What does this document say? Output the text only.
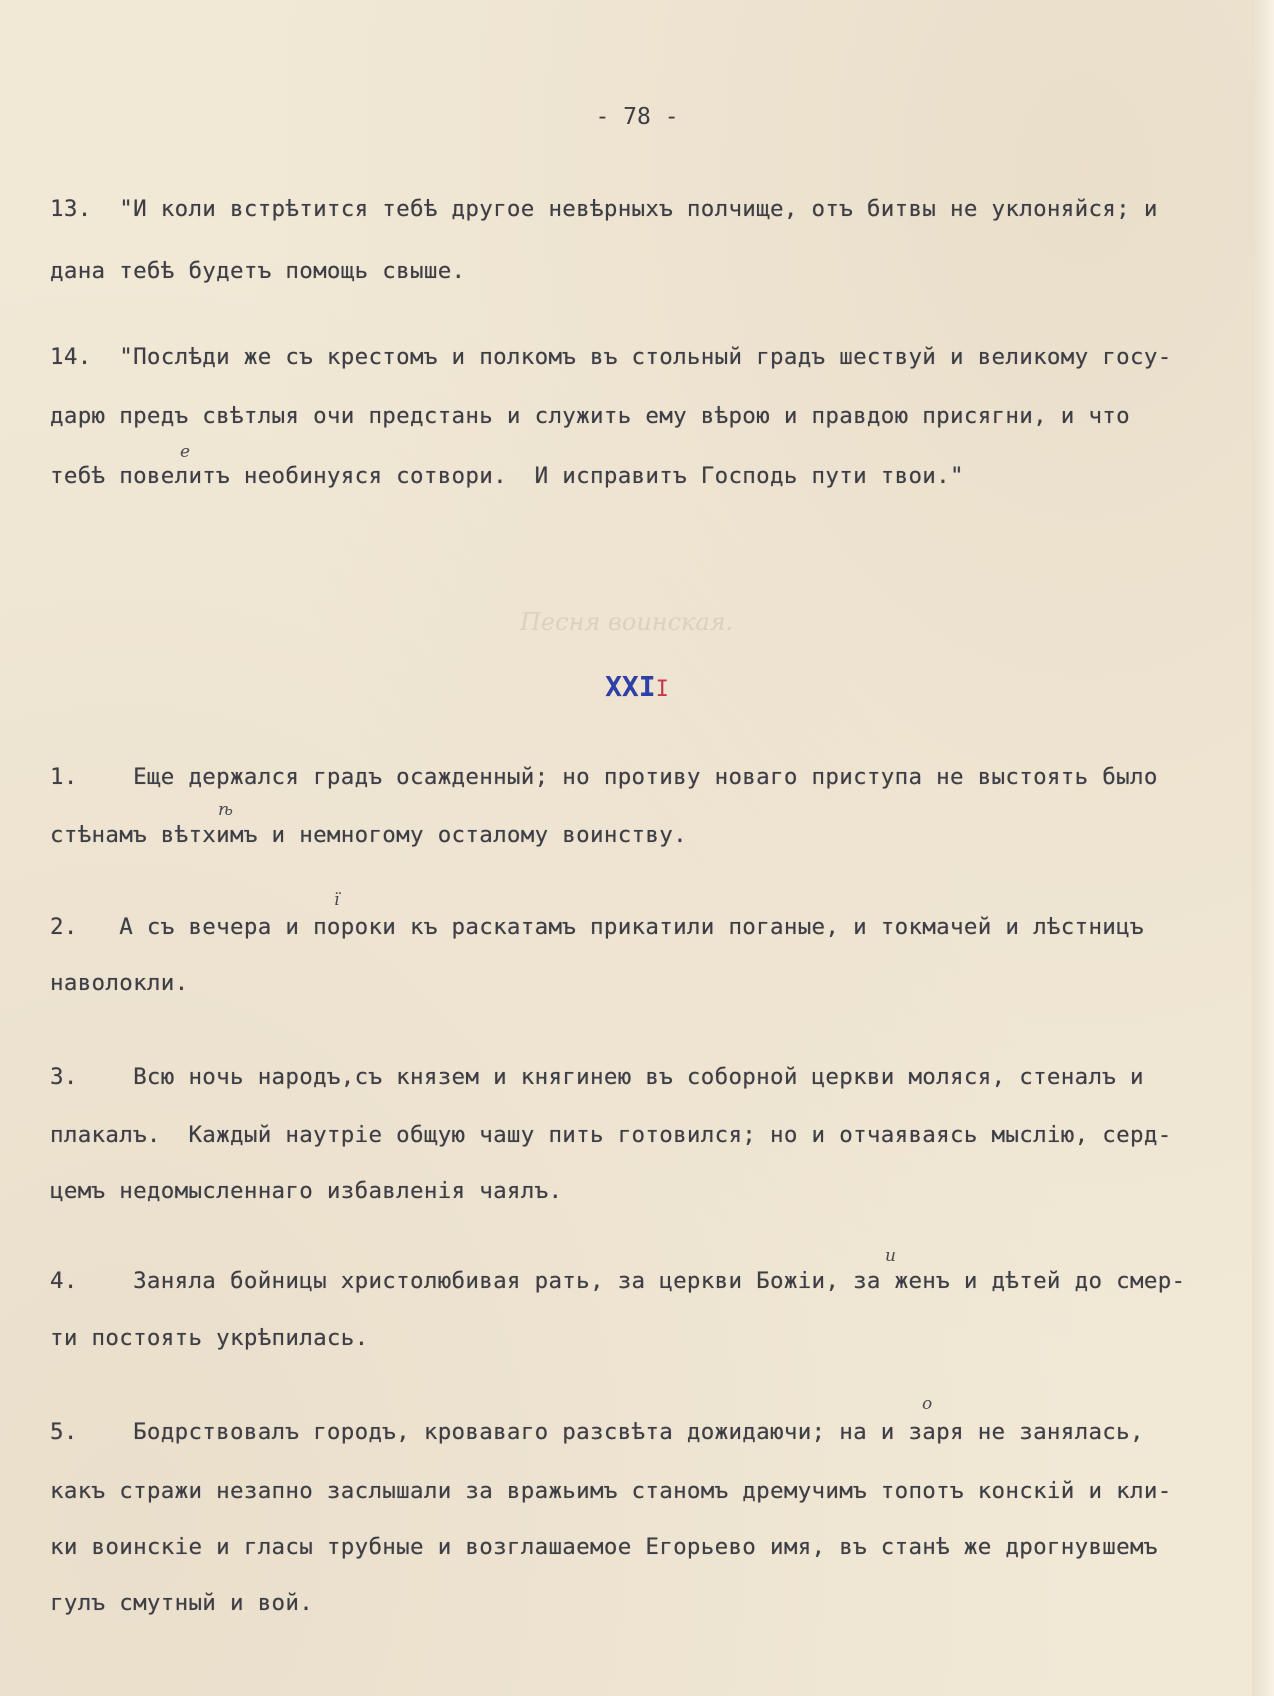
- 78 -
13.  "И коли встрѣтится тебѣ другое невѣрныхъ полчище, отъ битвы не уклоняйся; и
дана тебѣ будетъ помощь свыше.
14.  "Послѣди же съ крестомъ и полкомъ въ стольный градъ шествуй и великому госу-
дарю предъ свѣтлыя очи предстань и служить ему вѣрою и правдою присягни, и что
тебѣ повелитъ необинуяся сотвори.  И исправитъ Господь пути твои."
е
Песня воинская.
XXII
1.    Еще держался градъ осажденный; но противу новаго приступа не выстоять было
стѣнамъ вѣтхимъ и немногому осталому воинству.
2.   А съ вечера и пороки къ раскатамъ прикатили поганые, и токмачей и лѣстницъ
наволокли.
3.    Всю ночь народъ,съ князем и княгинею въ соборной церкви моляся, стеналъ и
плакалъ.  Каждый наутріе общую чашу пить готовился; но и отчаяваясь мыслію, серд-
цемъ недомысленнаго избавленія чаялъ.
4.    Заняла бойницы христолюбивая рать, за церкви Божіи, за женъ и дѣтей до смер-
ти постоять укрѣпилась.
5.    Бодрствовалъ городъ, кроваваго разсвѣта дожидаючи; на и заря не занялась,
какъ стражи незапно заслышали за вражьимъ станомъ дремучимъ топотъ конскій и кли-
ки воинскіе и гласы трубные и возглашаемое Егорьево имя, въ станѣ же дрогнувшемъ
гулъ смутный и вой.
о
ѣ
и
ї
